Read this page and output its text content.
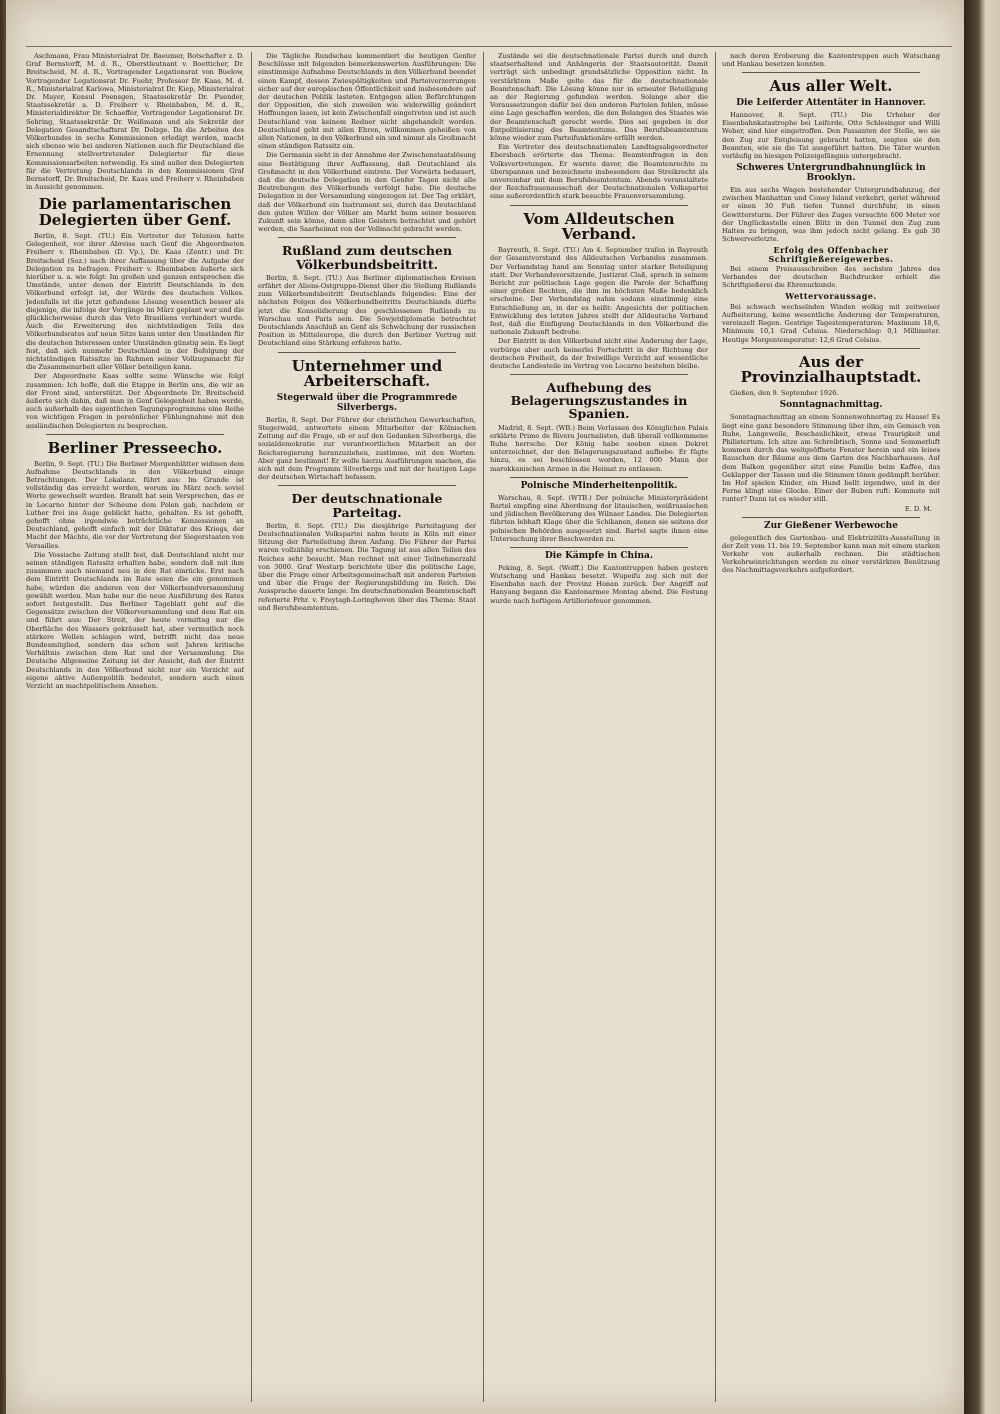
Aschmann, Frau Ministerialrat Dr. Baeumer, Botschafter z. D. Graf Bernstorff, M. d. R., Oberstleutnant v. Boetticher, Dr. Breitscheid, M. d. R., Vortragender Legationsrat von Buelow, Vortragender Legationsrat Dr. Fuehr, Professor Dr. Kaas, M. d. R., Ministerialrat Karlowa, Ministerialrat Dr. Kiep, Ministerialrat Dr. Mayer, Konsul Poensgen, Staatssekretär Dr. Puender, Staatssekretär a. D. Freiherr v. Rheinbaben, M. d. R., Ministerialdirektor Dr. Schaeffer, Vortragender Legationsrat Dr. Sehring, Staatssekretär Dr. Weißmann und als Sekretär der Delegation Gesandtschaftsrat Dr. Dolzge. Da die Arbeiten des Völkerbundes in sechs Kommissionen erledigt werden, macht sich ebenso wie bei anderen Nationen auch für Deutschland die Ernennung stellvertretender Delegierter für diese Kommissionsarbeiten notwendig. Es sind außer den Delegierten für die Vertretung Deutschlands in den Kommissionen Graf Bernstorff, Dr. Breitscheid, Dr. Kaas und Freiherr v. Rheinbaben in Aussicht genommen.

Die parlamentarischen Delegierten über Genf.

Berlin, 8. Sept. (TU.) Ein Vertreter der Telunion hatte Gelegenheit, vor ihrer Abreise nach Genf die Abgeordneten Freiherr v. Rheinbaben (D. Vp.), Dr. Kaas (Zentr.) und Dr. Breitscheid (Soz.) nach ihrer Auffassung über die Aufgabe der Delegation zu befragen. Freiherr v. Rheinbaben äußerte sich hierüber u. a. wie folgt: Im großen und ganzen entsprechen die Umstände, unter denen der Eintritt Deutschlands in den Völkerbund erfolgt ist, der Würde des deutschen Volkes. Jedenfalls ist die jetzt gefundene Lösung wesentlich besser als diejenige, die infolge der Vorgänge im März geplant war und die glücklicherweise durch das Veto Brasiliens verhindert wurde. Auch die Erweiterung des nichtständigen Teils des Völkerbundsrates auf neun Sitze kann unter den Umständen für die deutschen Interessen unter Umständen günstig sein. Es liegt fest, daß sich nunmehr Deutschland in der Befolgung der nichtständigen Ratssitze im Rahmen seiner Vollzugsmacht für die Zusammenarbeit aller Völker beteiligen kann.

Der Abgeordnete Kaas sollte seine Wünsche wie folgt zusammen: Ich hoffe, daß die Etappe in Berlin uns, die wir an der Front sind, unterstützt. Der Abgeordnete Dr. Breitscheid äußerte sich dahin, daß man in Genf Gelegenheit haben werde, auch außerhalb des eigentlichen Tagungsprogramms eine Reihe von wichtigen Fragen in persönlicher Fühlungnahme mit den ausländischen Delegierten zu besprechen.

Berliner Presseecho.

Berlin, 9. Sept. (TU.) Die Berliner Morgenblätter widmen dem Aufnahme Deutschlands in den Völkerbund einige Betrachtungen. Der Lokalanz. führt aus: Im Grunde ist vollständig das erreicht worden, worum im März noch soviel Worte gewechselt wurden. Brandt hat sein Versprechen, das er in Locarno hinter der Scheune dem Polen gab, nachdem er Luther frei ins Auge geblickt hatte, gehalten. Es ist gehofft, gehofft ohne irgendwie beträchtliche Konzessionen an Deutschland, gehofft einfach mit der Diktatur des Kriegs, der Macht der Mächte, die vor der Vertretung der Siegerstaaten von Versailles.

Die Vossische Zeitung stellt fest, daß Deutschland nicht nur seinen ständigen Ratssitz erhalten habe, sondern daß mit ihm zusammen auch niemand neu in den Rat einrücke. Erst nach dem Eintritt Deutschlands im Rate seien die ein genommen habe, würden die anderen von der Völkerbundversammlung gewählt werden. Man habe nur die neue Ausführung des Rates sofort festgestellt. Das Berliner Tageblatt geht auf die Gegensätze zwischen der Völkerversammlung und dem Rat ein und führt aus: Der Streit, der heute vormittag nur die Oberfläche des Wassers gekräuselt hat, aber vermutlich noch stärkere Wellen schlagen wird, betrifft nicht das neue Bundesmitglied, sondern das schon seit Jahren kritische Verhältnis zwischen dem Rat und der Versammlung. Die Deutsche Allgemeine Zeitung ist der Ansicht, daß der Eintritt Deutschlands in den Völkerbund nicht nur ein Verzicht auf eigene aktive Außenpolitik bedeutet, sondern auch einen Verzicht an machtpolitischem Ansehen.

Die Tägliche Rundschau kommentiert die heutigen Genfer Beschlüsse mit folgenden bemerkenswerten Ausführungen: Die einstimmige Aufnahme Deutschlands in den Völkerbund beendet einen Kampf, dessen Zwiespältigkeiten und Parteiverzerrungen sicher auf der europäischen Öffentlichkeit und insbesondere auf der deutschen Politik lasteten. Entgegen allen Befürchtungen der Opposition, die sich zuweilen wie widerwillig geändert Hoffnungen lasen, ist kein Zwischenfall eingetreten und ist auch Deutschland von keinem Redner nicht abgehandelt worden. Deutschland geht mit allen Ehren, willkommen geheißen von allen Nationen, in den Völkerbund ein und nimmt als Großmacht einen ständigen Ratssitz ein.

Die Germania sieht in der Annahme der Zwischenstaatslösung eine Bestätigung ihrer Auffassung, daß Deutschland als Großmacht in den Völkerbund eintrete. Der Vorwärts bedauert, daß die deutsche Delegation in den Genfer Tagen nicht alle Bestrebungen des Völkerbunds verfolgt habe. Die deutsche Delegation in der Versammlung eingezogen ist. Der Tag erklärt, daß der Völkerbund ein Instrument sei, durch das Deutschland den guten Willen der Völker am Markt heim seiner besseren Zukunft sein könne, denn allen Geistern betrachtet und gehört werden, die Saarheimat von der Vollmacht gebracht werden.

Rußland zum deutschen Völkerbundsbeitritt.

Berlin, 8. Sept. (TU.) Aus Berliner diplomatischen Kreisen erfährt der Aliens-Ostgruppe-Dienst über die Stellung Rußlands zum Völkerbundsbeitritt Deutschlands folgendes: Eine der nächsten Folgen des Völkerbundbeitritts Deutschlands dürfte jetzt die Konsolidierung des geschlossenen Rußlands zu Warschau und Paris sein. Die Sowjetdiplomatie betrachtet Deutschlands Anschluß an Genf als Schwächung der russischen Position in Mitteleuropa, die durch den Berliner Vertrag mit Deutschland eine Stärkung erfahren hatte.

Unternehmer und Arbeiterschaft.
Stegerwald über die Programmrede Silverbergs.

Berlin, 8. Sept. Der Führer der christlichen Gewerkschaften, Stegerwald, antwortete einem Mitarbeiter der Kölnischen Zeitung auf die Frage, ob er auf den Gedanken Silverbergs, die sozialdemokratie zur verantwortlichen Mitarbeit an der Reichsregierung heranzuziehen, zustimme, mit den Worten: Aber ganz bestimmt! Er wolle hierzu Ausführungen machen, die sich mit dem Programm Silverbergs und mit der heutigen Lage der deutschen Wirtschaft befassen.

Der deutschnationale Parteitag.

Berlin, 8. Sept. (TU.) Die diesjährige Parteitagung der Deutschnationalen Volkspartei nahm heute in Köln mit einer Sitzung der Parteileitung ihren Anfang. Die Führer der Partei waren vollzählig erschienen. Die Tagung ist aus allen Teilen des Reiches sehr besucht. Man rechnet mit einer Teilnehmerzahl von 3000. Graf Westarp berichtete über die politische Lage, über die Frage einer Arbeitsgemeinschaft mit anderen Parteien und über die Frage der Regierungsbildung im Reich. Die Aussprache dauerte lange. Im deutschnationalen Beamtenschaft referierte Frhr. v. Freytagh-Loringhoven über das Thema: Staat und Berufsbeamtentum.

Zustände sei die deutschnationale Partei durch und durch staatserhaltend und Anhängerin der Staatsautorität. Damit verträgt sich unbedingt grundsätzliche Opposition nicht. In verstärktem Maße gelte das für die deutschnationale Beamtenschaft. Die Lösung könne nur in erneuter Beteiligung an der Regierung gefunden werden. Solange aber die Voraussetzungen dafür bei den anderen Parteien fehlen, müsse eine Lage geschaffen werden, die den Belangen des Staates wie der Beamtenschaft gerecht werde. Dies sei gegeben in der Entpolitisierung des Beamtentums. Das Berufsbeamtentum könne wieder zum Parteifunktionäre erfüllt werden.

Ein Vertreter des deutschnationalen Landtagsabgeordneter Ebersbach erörterte das Thema: Beamtenfragen in den Volksvertretungen. Er warnte davor, die Beamtenrechte zu überspannen und bezeichnete insbesondere das Streikrecht als unvereinbar mit dem Berufsbeamtentum. Abends veranstaltete der Reichsfrauenausschuß der Deutschnationalen Volkspartei eine außerordentlich stark besuchte Frauenversammlung.

Vom Alldeutschen Verband.

Bayreuth, 8. Sept. (TU.) Am 4. September trafen in Bayreuth der Gesamtvorstand des Alldeutschen Verbandes zusammen. Der Verbandstag hand am Sonntag unter starker Beteiligung statt. Der Verbandsvorsitzende, Justizrat Claß, sprach in seinem Bericht zur politischen Lage gegen die Parole der Schaffung einer großen Rechten, die ihm im höchsten Maße bedenklich erscheine. Der Verbandstag nahm sodann einstimmig eine Entschließung an, in der es heißt: Angesichts der politischen Entwicklung des letzten Jahres stellt der Alldeutsche Verband fest, daß die Einfügung Deutschlands in den Völkerbund die nationale Zukunft bedrohe.

Der Eintritt in den Völkerbund nicht eine Änderung der Lage, verbürge aber auch keinerlei Fortschritt in der Richtung der deutschen Freiheit, da der freiwillige Verzicht auf wesentliche deutsche Landesteile im Vertrag von Locarno bestehen bleibe.

Aufhebung des Belagerungszustandes in Spanien.

Madrid, 8. Sept. (WB.) Beim Verlassen des Königlichen Palais erklärte Primo de Rivera Journalisten, daß überall vollkommene Ruhe herrsche. Der König habe soeben einen Dekret unterzeichnet, der den Belagerungszustand aufhebe. Er fügte hinzu, es sei beschlossen worden, 12 000 Mann der marokkanischen Armee in die Heimat zu entlassen.

Polnische Minderheitenpolitik.

Warschau, 8. Sept. (WTB.) Der polnische Ministerpräsident Bartel empfing eine Abordnung der litauischen, weißrussischen und jüdischen Bevölkerung des Wilnaer Landes. Die Delegierten führten lebhaft Klage über die Schikanen, denen sie seitens der polnischen Behörden ausgesetzt sind. Bartel sagte ihnen eine Untersuchung ihrer Beschwerden zu.

Die Kämpfe in China.

Peking, 8. Sept. (Wolff.) Die Kantontruppen haben gestern Wutschang und Hankau besetzt. Wupeifu zog sich mit der Eisenbahn nach der Provinz Honan zurück. Der Angriff auf Hanyang begann die Kantonarmee Montag abend. Die Festung wurde nach heftigem Artilleriefeuer genommen.

nach deren Eroberung die Kantontruppen auch Wutschang und Hankau besetzen konnten.

Aus aller Welt.
Die Leiferder Attentäter in Hannover.

Hannover, 8. Sept. (TU.) Die Urheber der Eisenbahnkatastrophe bei Leiferde, Otto Schlesinger und Willi Weber, sind hier eingetroffen. Den Passanten der Stelle, wo sie den Zug zur Entgleisung gebracht hatten, zeigten sie den Beamten, wie sie die Tat ausgeführt hatten. Die Täter wurden vorläufig im hiesigen Polizeigefängnis untergebracht.

Schweres Untergrundbahnunglück in Brooklyn.

Ein aus sechs Wagen bestehender Untergrundbahnzug, der zwischen Manhattan und Coney Island verkehrt, geriet während er einen 30 Fuß tiefen Tunnel durchfuhr, in einen Gewittersturm. Der Führer des Zuges versuchte 600 Meter vor der Unglücksstelle einen Blitz in den Tunnel den Zug zum Halten zu bringen, was ihm jedoch nicht gelang. Es gab 30 Schwerverletzte.

Erfolg des Offenbacher Schriftgießereigewerbes.

Bei einem Preisausschreiben des sechsten Jahres des Verbandes der deutschen Buchdrucker erhielt die Schriftgießerei die Ehrenurkunde.

Wettervoraussage.

Bei schwach wechselnden Winden wolkig mit zeitweiser Aufheiterung, keine wesentliche Änderung der Temperaturen, vereinzelt Regen. Gestrige Tagestemperaturen: Maximum 18,6, Minimum 10,1 Grad Celsius. Niederschlag: 0,1 Millimeter. Heutige Morgentemperatur: 12,6 Grad Celsius.

Aus der Provinzialhauptstadt.

Gießen, den 9. September 1926.

Sonntagnachmittag.

Sonntagnachmittag an einem Sonnenwohnertag zu Hause! Es liegt eine ganz besondere Stimmung über ihm, ein Gemisch von Ruhe, Langeweile, Beschaulichkeit, etwas Traurigkeit und Philistertum. Ich sitze am Schreibtisch, Sonne und Sommerluft kommen durch das weitgeöffnete Fenster herein und ein leises Rauschen der Bäume aus dem Garten des Nachbarhauses. Auf dem Balkon gegenüber sitzt eine Familie beim Kaffee, das Geklapper der Tassen und die Stimmen tönen gedämpft herüber. Im Hof spielen Kinder, ein Hund bellt irgendwo, und in der Ferne klingt eine Glocke. Einer der Buben ruft: Kommste mit runter? Dann ist es wieder still.

E. D. M.
Zur Gießener Werbewoche

gelegentlich des Gartenbau- und Elektrizitäts-Ausstellung in der Zeit vom 11. bis 19. September kann man mit einem starken Verkehr von außerhalb rechnen. Die städtischen Verkehrseinrichtungen werden zu einer verstärkten Benützung des Nachmittagsverkehrs aufgefordert.
